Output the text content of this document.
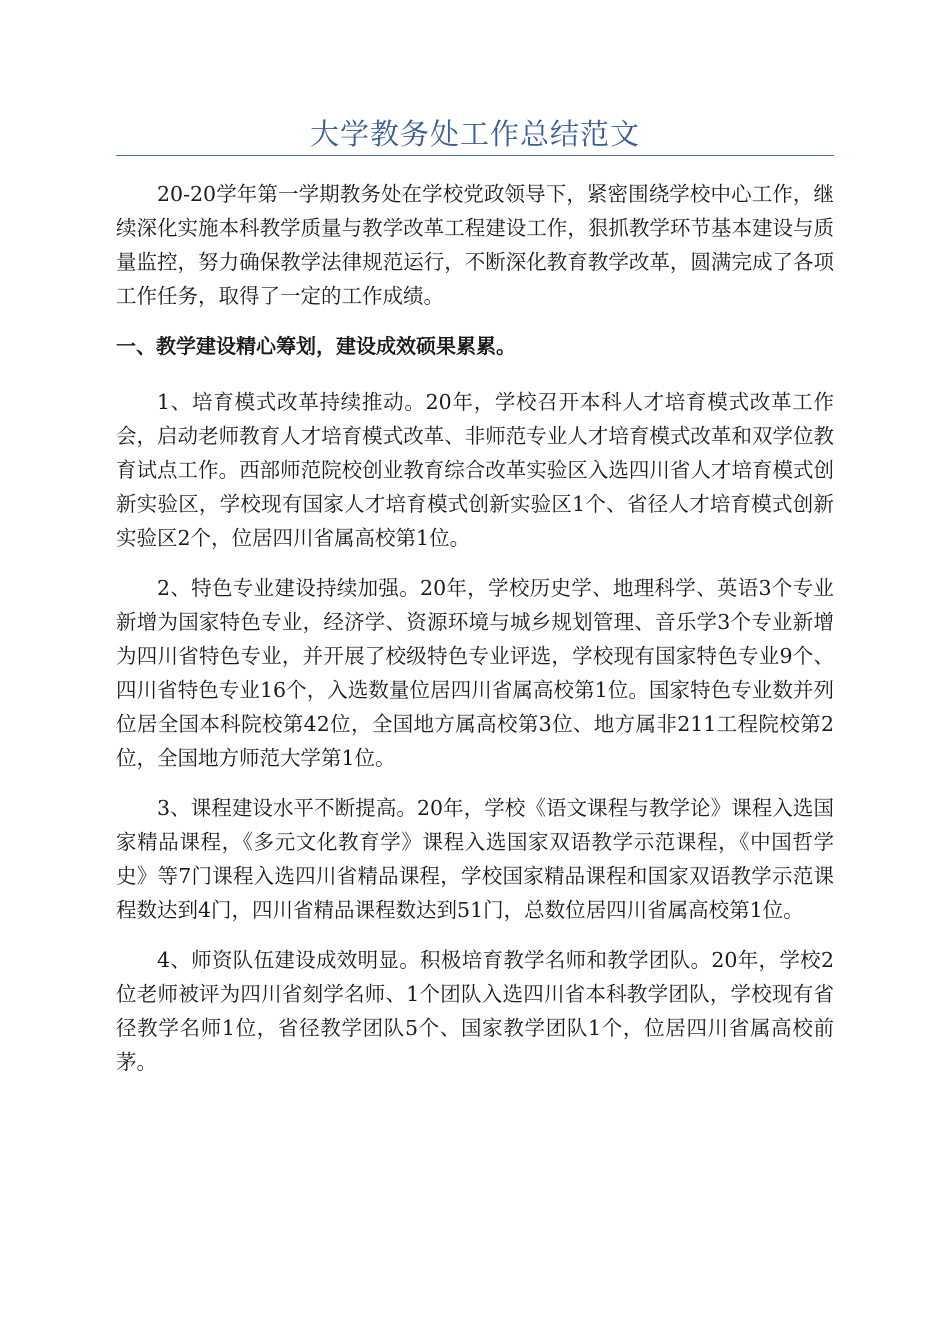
大学教务处工作总结范文

20-20学年第一学期教务处在学校党政领导下，紧密围绕学校中心工作，继续深化实施本科教学质量与教学改革工程建设工作，狠抓教学环节基本建设与质量监控，努力确保教学法律规范运行，不断深化教育教学改革，圆满完成了各项工作任务，取得了一定的工作成绩。

一、教学建设精心筹划，建设成效硕果累累。

1、培育模式改革持续推动。20年，学校召开本科人才培育模式改革工作会，启动老师教育人才培育模式改革、非师范专业人才培育模式改革和双学位教育试点工作。西部师范院校创业教育综合改革实验区入选四川省人才培育模式创新实验区，学校现有国家人才培育模式创新实验区1个、省径人才培育模式创新实验区2个，位居四川省属高校第1位。

2、特色专业建设持续加强。20年，学校历史学、地理科学、英语3个专业新增为国家特色专业，经济学、资源环境与城乡规划管理、音乐学3个专业新增为四川省特色专业，并开展了校级特色专业评选，学校现有国家特色专业9个、四川省特色专业16个，入选数量位居四川省属高校第1位。国家特色专业数并列位居全国本科院校第42位，全国地方属高校第3位、地方属非211工程院校第2位，全国地方师范大学第1位。

3、课程建设水平不断提高。20年，学校《语文课程与教学论》课程入选国家精品课程，《多元文化教育学》课程入选国家双语教学示范课程，《中国哲学史》等7门课程入选四川省精品课程，学校国家精品课程和国家双语教学示范课程数达到4门，四川省精品课程数达到51门，总数位居四川省属高校第1位。

4、师资队伍建设成效明显。积极培育教学名师和教学团队。20年，学校2位老师被评为四川省刻学名师、1个团队入选四川省本科教学团队，学校现有省径教学名师1位，省径教学团队5个、国家教学团队1个，位居四川省属高校前茅。
